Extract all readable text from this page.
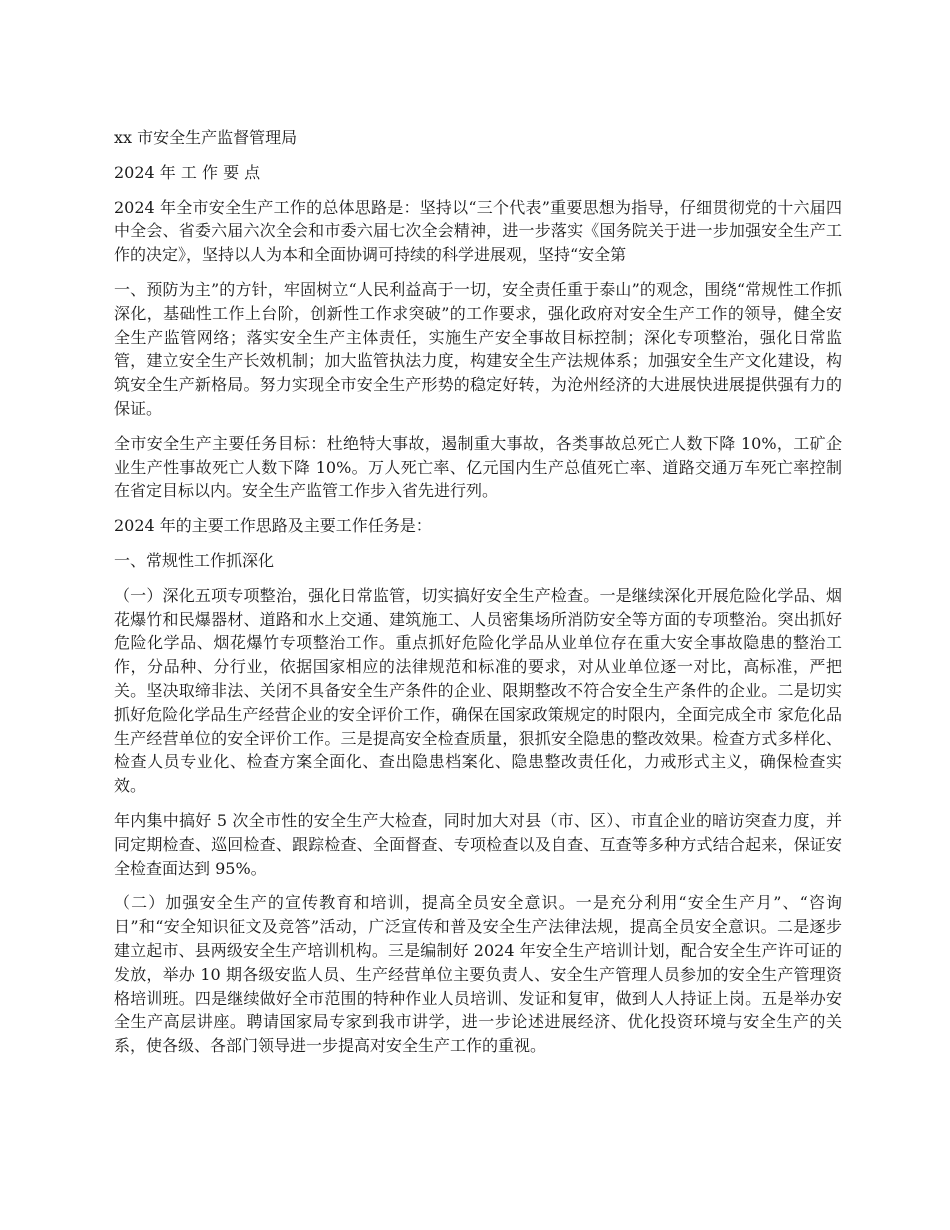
xx 市安全生产监督管理局

2024 年 工 作 要 点

2024 年全市安全生产工作的总体思路是：坚持以“三个代表”重要思想为指导，仔细贯彻党的十六届四中全会、省委六届六次全会和市委六届七次全会精神，进一步落实《国务院关于进一步加强安全生产工作的决定》，坚持以人为本和全面协调可持续的科学进展观，坚持“安全第

一、预防为主”的方针，牢固树立“人民利益高于一切，安全责任重于泰山”的观念，围绕“常规性工作抓深化，基础性工作上台阶，创新性工作求突破”的工作要求，强化政府对安全生产工作的领导，健全安全生产监管网络；落实安全生产主体责任，实施生产安全事故目标控制；深化专项整治，强化日常监管，建立安全生产长效机制；加大监管执法力度，构建安全生产法规体系；加强安全生产文化建设，构筑安全生产新格局。努力实现全市安全生产形势的稳定好转，为沧州经济的大进展快进展提供强有力的保证。

全市安全生产主要任务目标：杜绝特大事故，遏制重大事故，各类事故总死亡人数下降 10%，工矿企业生产性事故死亡人数下降 10%。万人死亡率、亿元国内生产总值死亡率、道路交通万车死亡率控制在省定目标以内。安全生产监管工作步入省先进行列。

2024 年的主要工作思路及主要工作任务是：

一、常规性工作抓深化

（一）深化五项专项整治，强化日常监管，切实搞好安全生产检查。一是继续深化开展危险化学品、烟花爆竹和民爆器材、道路和水上交通、建筑施工、人员密集场所消防安全等方面的专项整治。突出抓好危险化学品、烟花爆竹专项整治工作。重点抓好危险化学品从业单位存在重大安全事故隐患的整治工作，分品种、分行业，依据国家相应的法律规范和标准的要求，对从业单位逐一对比，高标准，严把关。坚决取缔非法、关闭不具备安全生产条件的企业、限期整改不符合安全生产条件的企业。二是切实抓好危险化学品生产经营企业的安全评价工作，确保在国家政策规定的时限内，全面完成全市 家危化品生产经营单位的安全评价工作。三是提高安全检查质量，狠抓安全隐患的整改效果。检查方式多样化、检查人员专业化、检查方案全面化、查出隐患档案化、隐患整改责任化，力戒形式主义，确保检查实效。

年内集中搞好 5 次全市性的安全生产大检查，同时加大对县（市、区）、市直企业的暗访突查力度，并同定期检查、巡回检查、跟踪检查、全面督查、专项检查以及自查、互查等多种方式结合起来，保证安全检查面达到 95%。

（二）加强安全生产的宣传教育和培训，提高全员安全意识。一是充分利用“安全生产月”、“咨询日”和“安全知识征文及竞答”活动，广泛宣传和普及安全生产法律法规，提高全员安全意识。二是逐步建立起市、县两级安全生产培训机构。三是编制好 2024 年安全生产培训计划，配合安全生产许可证的发放，举办 10 期各级安监人员、生产经营单位主要负责人、安全生产管理人员参加的安全生产管理资格培训班。四是继续做好全市范围的特种作业人员培训、发证和复审，做到人人持证上岗。五是举办安全生产高层讲座。聘请国家局专家到我市讲学，进一步论述进展经济、优化投资环境与安全生产的关系，使各级、各部门领导进一步提高对安全生产工作的重视。
